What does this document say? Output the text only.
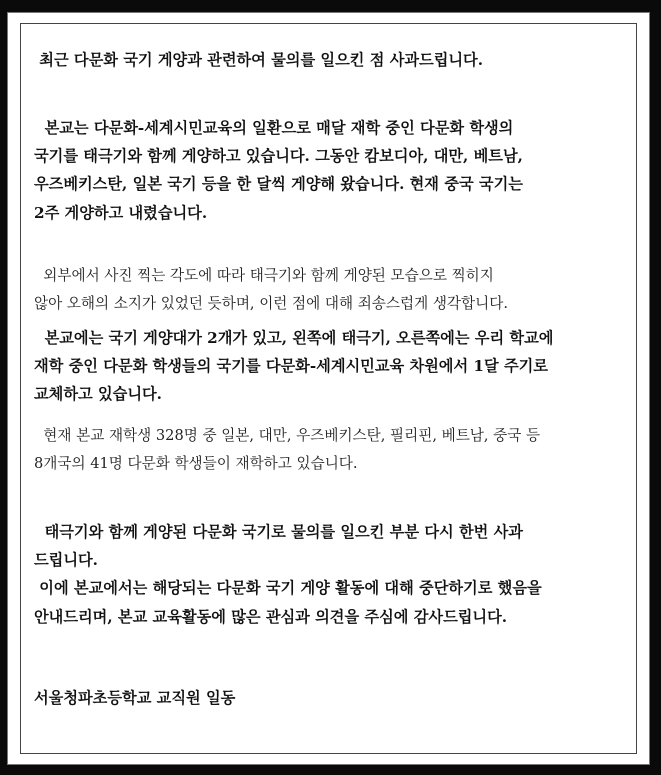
최근 다문화 국기 게양과 관련하여 물의를 일으킨 점 사과드립니다.

본교는 다문화-세계시민교육의 일환으로 매달 재학 중인 다문화 학생의
국기를 태극기와 함께 게양하고 있습니다. 그동안 캄보디아, 대만, 베트남,
우즈베키스탄, 일본 국기 등을 한 달씩 게양해 왔습니다. 현재 중국 국기는
2주 게양하고 내렸습니다.

외부에서 사진 찍는 각도에 따라 태극기와 함께 게양된 모습으로 찍히지
않아 오해의 소지가 있었던 듯하며, 이런 점에 대해 죄송스럽게 생각합니다.

본교에는 국기 게양대가 2개가 있고, 왼쪽에 태극기, 오른쪽에는 우리 학교에
재학 중인 다문화 학생들의 국기를 다문화-세계시민교육 차원에서 1달 주기로
교체하고 있습니다.

현재 본교 재학생 328명 중 일본, 대만, 우즈베키스탄, 필리핀, 베트남, 중국 등
8개국의 41명 다문화 학생들이 재학하고 있습니다.

태극기와 함께 게양된 다문화 국기로 물의를 일으킨 부분 다시 한번 사과
드립니다.
이에 본교에서는 해당되는 다문화 국기 게양 활동에 대해 중단하기로 했음을
안내드리며, 본교 교육활동에 많은 관심과 의견을 주심에 감사드립니다.

서울청파초등학교 교직원 일동
